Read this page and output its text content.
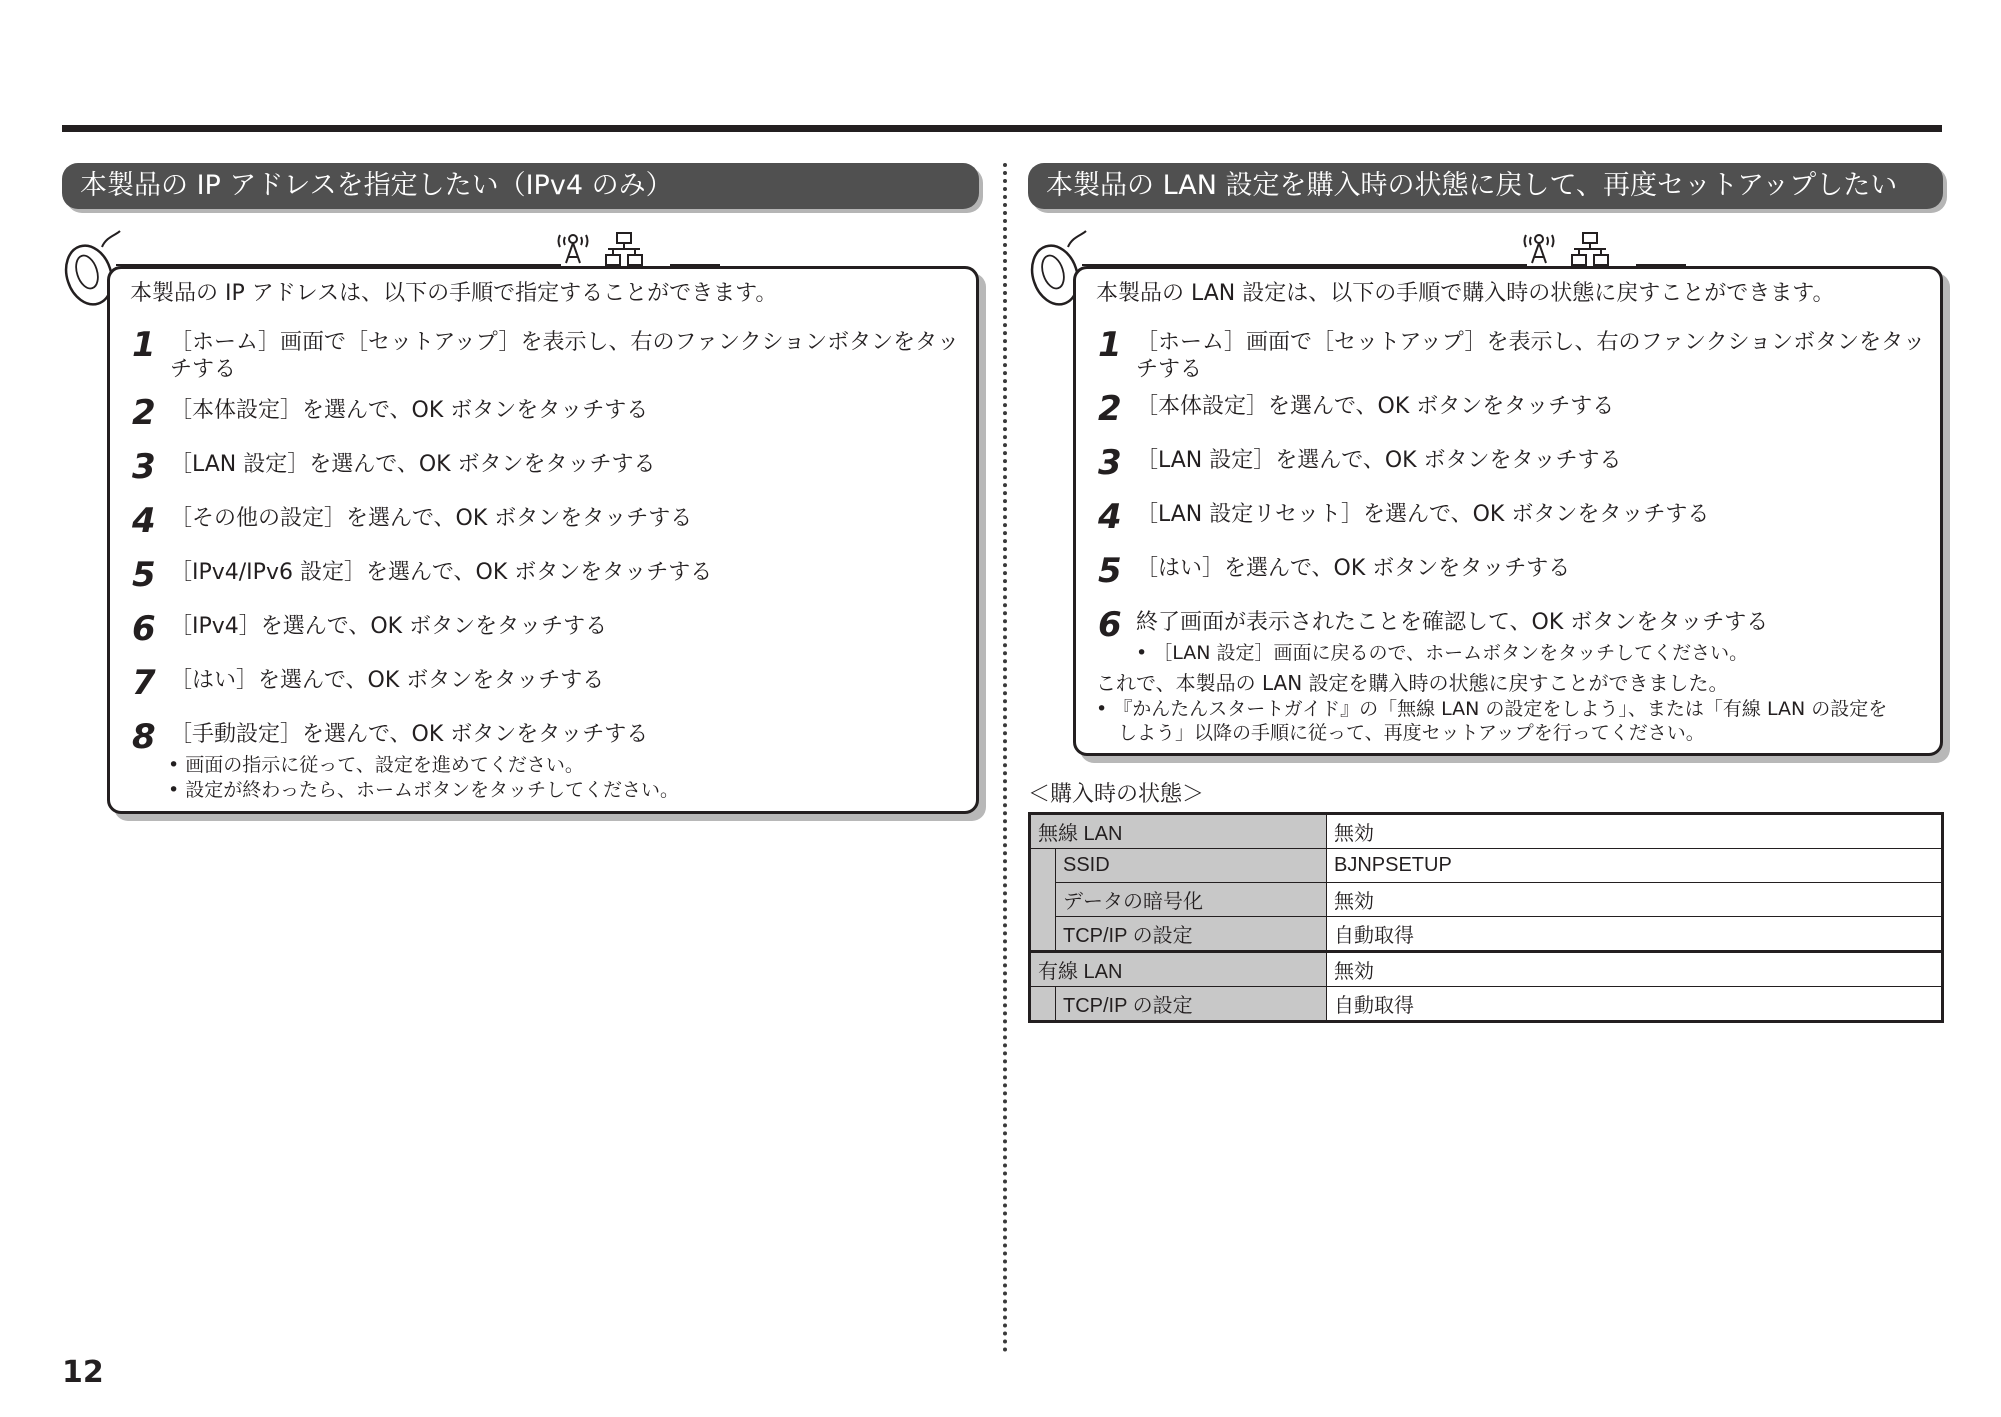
本製品の IP アドレスを指定したい（IPv4 のみ）
本製品の IP アドレスは、以下の手順で指定することができます。
1 ［ホーム］画面で［セットアップ］を表示し、右のファンクションボタンをタッ
チする
2 ［本体設定］を選んで、OK ボタンをタッチする
3 ［LAN 設定］を選んで、OK ボタンをタッチする
4 ［その他の設定］を選んで、OK ボタンをタッチする
5 ［IPv4/IPv6 設定］を選んで、OK ボタンをタッチする
6 ［IPv4］を選んで、OK ボタンをタッチする
7 ［はい］を選んで、OK ボタンをタッチする
8 ［手動設定］を選んで、OK ボタンをタッチする
• 画面の指示に従って、設定を進めてください。
• 設定が終わったら、ホームボタンをタッチしてください。
本製品の LAN 設定を購入時の状態に戻して、再度セットアップしたい
本製品の LAN 設定は、以下の手順で購入時の状態に戻すことができます。
1 ［ホーム］画面で［セットアップ］を表示し、右のファンクションボタンをタッ
チする
2 ［本体設定］を選んで、OK ボタンをタッチする
3 ［LAN 設定］を選んで、OK ボタンをタッチする
4 ［LAN 設定リセット］を選んで、OK ボタンをタッチする
5 ［はい］を選んで、OK ボタンをタッチする
6 終了画面が表示されたことを確認して、OK ボタンをタッチする
• ［LAN 設定］画面に戻るので、ホームボタンをタッチしてください。
これで、本製品の LAN 設定を購入時の状態に戻すことができました。
• 『かんたんスタートガイド』の「無線 LAN の設定をしよう」、または「有線 LAN の設定を
しよう」以降の手順に従って、再度セットアップを行ってください。
＜購入時の状態＞
無線 LAN		無効
	SSID	BJNPSETUP
	データの暗号化	無効
	TCP/IP の設定	自動取得
有線 LAN		無効
	TCP/IP の設定	自動取得
12
